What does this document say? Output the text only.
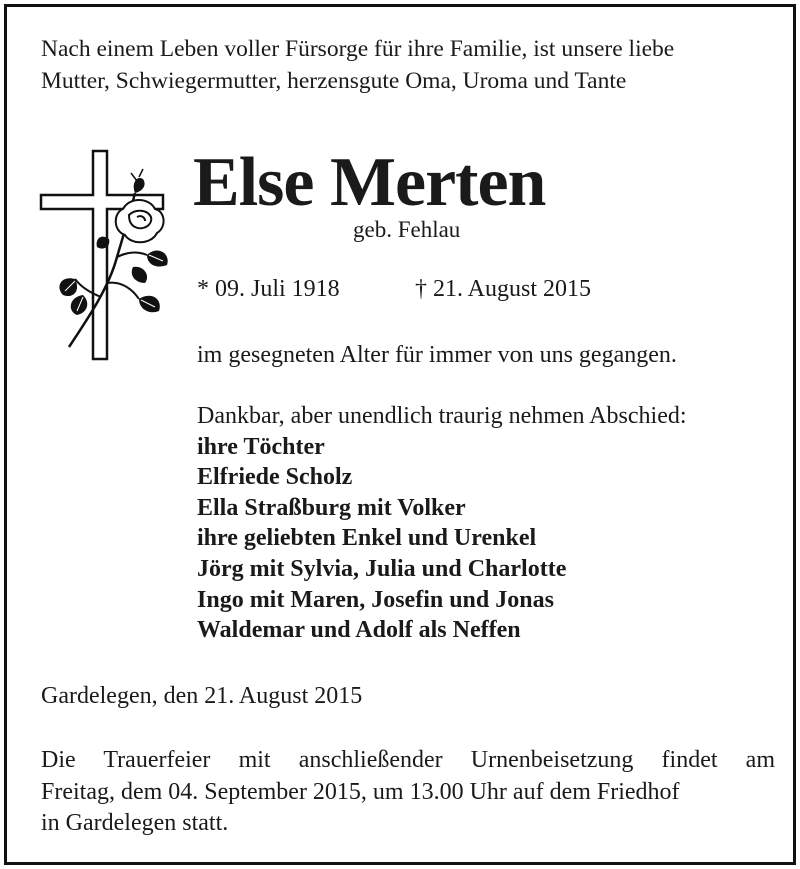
Nach einem Leben voller Fürsorge für ihre Familie, ist unsere liebe
Mutter, Schwiegermutter, herzensgute Oma, Uroma und Tante
Else Merten
geb. Fehlau
* 09. Juli 1918	† 21. August 2015
im gesegneten Alter für immer von uns gegangen.
Dankbar, aber unendlich traurig nehmen Abschied:
ihre Töchter
Elfriede Scholz
Ella Straßburg mit Volker
ihre geliebten Enkel und Urenkel
Jörg mit Sylvia, Julia und Charlotte
Ingo mit Maren, Josefin und Jonas
Waldemar und Adolf als Neffen
Gardelegen, den 21. August 2015
Die Trauerfeier mit anschließender Urnenbeisetzung findet am
Freitag, dem 04. September 2015, um 13.00 Uhr auf dem Friedhof
in Gardelegen statt.
